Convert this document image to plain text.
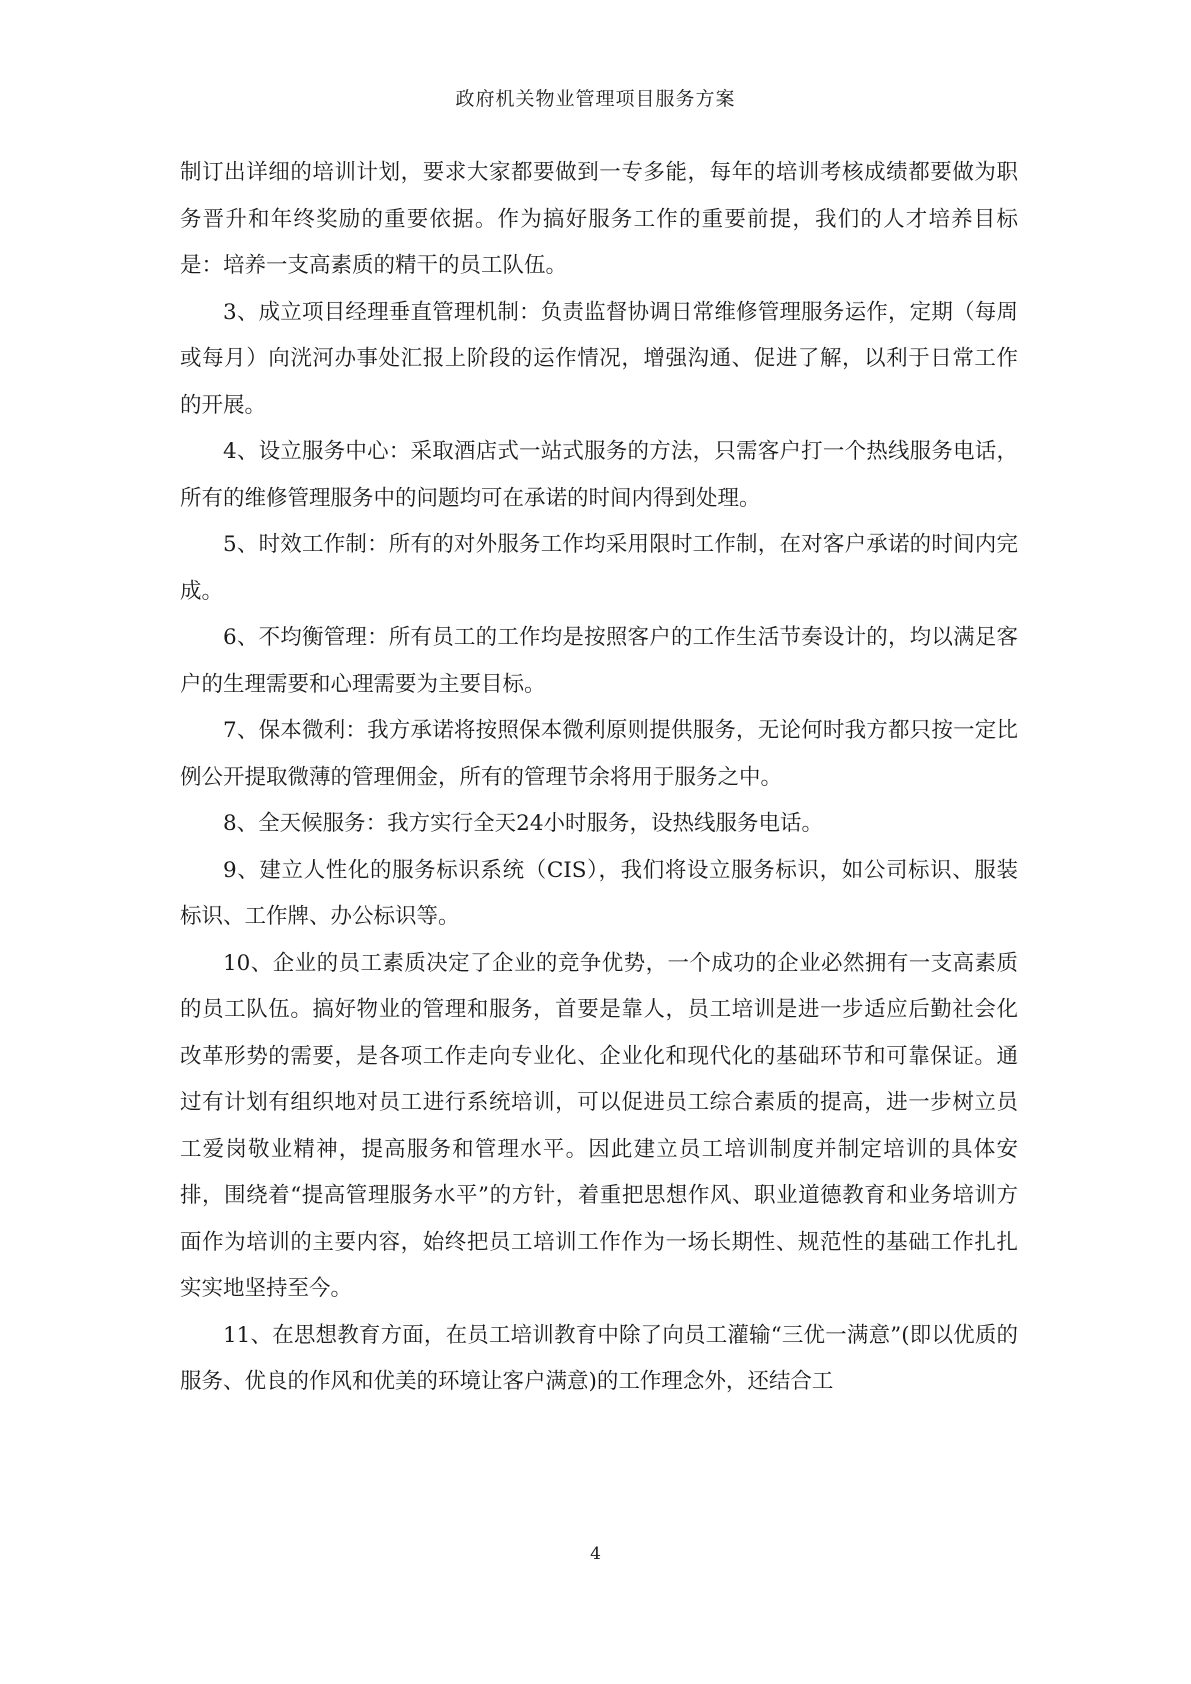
政府机关物业管理项目服务方案

制订出详细的培训计划，要求大家都要做到一专多能，每年的培训考核成绩都要做为职务晋升和年终奖励的重要依据。作为搞好服务工作的重要前提，我们的人才培养目标是：培养一支高素质的精干的员工队伍。

3、成立项目经理垂直管理机制：负责监督协调日常维修管理服务运作，定期（每周或每月）向洸河办事处汇报上阶段的运作情况，增强沟通、促进了解，以利于日常工作的开展。

4、设立服务中心：采取酒店式一站式服务的方法，只需客户打一个热线服务电话，所有的维修管理服务中的问题均可在承诺的时间内得到处理。

5、时效工作制：所有的对外服务工作均采用限时工作制，在对客户承诺的时间内完成。

6、不均衡管理：所有员工的工作均是按照客户的工作生活节奏设计的，均以满足客户的生理需要和心理需要为主要目标。

7、保本微利：我方承诺将按照保本微利原则提供服务，无论何时我方都只按一定比例公开提取微薄的管理佣金，所有的管理节余将用于服务之中。

8、全天候服务：我方实行全天24小时服务，设热线服务电话。

9、建立人性化的服务标识系统（CIS），我们将设立服务标识，如公司标识、服装标识、工作牌、办公标识等。

10、企业的员工素质决定了企业的竞争优势，一个成功的企业必然拥有一支高素质的员工队伍。搞好物业的管理和服务，首要是靠人，员工培训是进一步适应后勤社会化改革形势的需要，是各项工作走向专业化、企业化和现代化的基础环节和可靠保证。通过有计划有组织地对员工进行系统培训，可以促进员工综合素质的提高，进一步树立员工爱岗敬业精神，提高服务和管理水平。因此建立员工培训制度并制定培训的具体安排，围绕着“提高管理服务水平”的方针，着重把思想作风、职业道德教育和业务培训方面作为培训的主要内容，始终把员工培训工作作为一场长期性、规范性的基础工作扎扎实实地坚持至今。

11、在思想教育方面，在员工培训教育中除了向员工灌输“三优一满意”(即以优质的服务、优良的作风和优美的环境让客户满意)的工作理念外，还结合工

4
